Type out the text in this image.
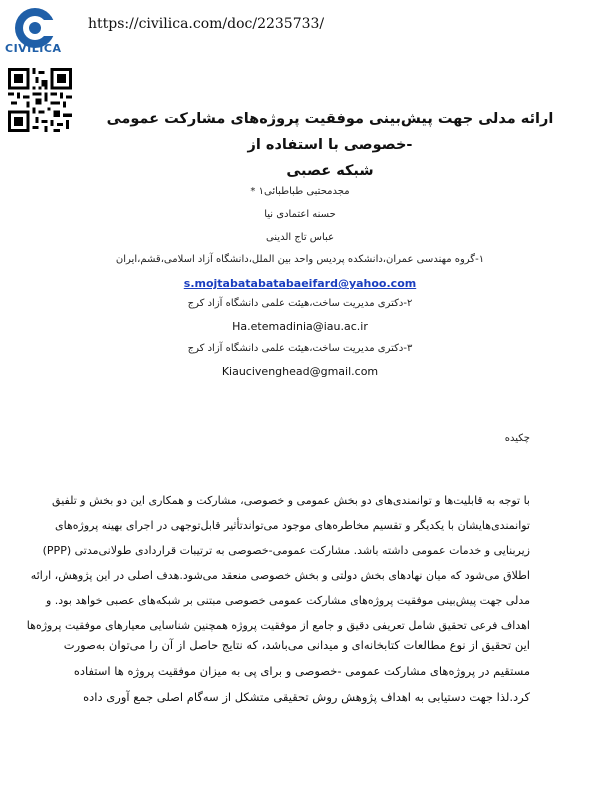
CIVILICA
https://civilica.com/doc/2235733/
ارائه مدلی جهت پیش‌بینی موفقیت پروژه‌های مشارکت عمومی -خصوصی با استفاده از
شبکه عصبی
مجدمحتبی طباطبائی۱ *
حسنه اعتمادی نیا
عباس تاج الدینی
۱-گروه مهندسی عمران،دانشکده پردیس واحد بین الملل،دانشگاه آزاد اسلامی،قشم،ایران
s.mojtabatabatabaeifard@yahoo.com
۲-دکتری مدیریت ساخت،هیئت علمی دانشگاه آزاد کرج
Ha.etemadinia@iau.ac.ir
۳-دکتری مدیریت ساخت،هیئت علمی دانشگاه آزاد کرج
Kiaucivenghead@gmail.com
چکیده
با توجه به قابلیت‌ها و توانمندی‌های دو بخش عمومی و خصوصی، مشارکت و همکاری این دو بخش و تلفیق
توانمندی‌هایشان با یکدیگر و تقسیم مخاطره‌های موجود می‌تواندتأثیر قابل‌توجهی در اجرای بهینه پروژه‌های
زیربنایی و خدمات عمومی داشته باشد. مشارکت عمومی-خصوصی به ترتیبات قراردادی طولانی‌مدتی (PPP)
اطلاق می‌شود که میان نهادهای بخش دولتی و بخش خصوصی منعقد می‌شود.هدف اصلی در این پژوهش، ارائه
مدلی جهت پیش‌بینی موفقیت پروژه‌های مشارکت عمومی خصوصی مبتنی بر شبکه‌های عصبی خواهد بود. و
اهداف فرعی تحقیق شامل تعریفی دقیق و جامع از موفقیت پروژه همچنین شناسایی معیارهای موفقیت پروژه‌ها
این تحقیق از نوع مطالعات کتابخانه‌ای و میدانی می‌باشد، که نتایج حاصل از آن را می‌توان به‌صورت
مستقیم در پروژه‌های مشارکت عمومی -خصوصی و برای پی به میزان موفقیت پروژه ها استفاده
کرد.لذا جهت دستیابی به اهداف پژوهش روش تحقیقی متشکل از سه‌گام اصلی جمع آوری داده
